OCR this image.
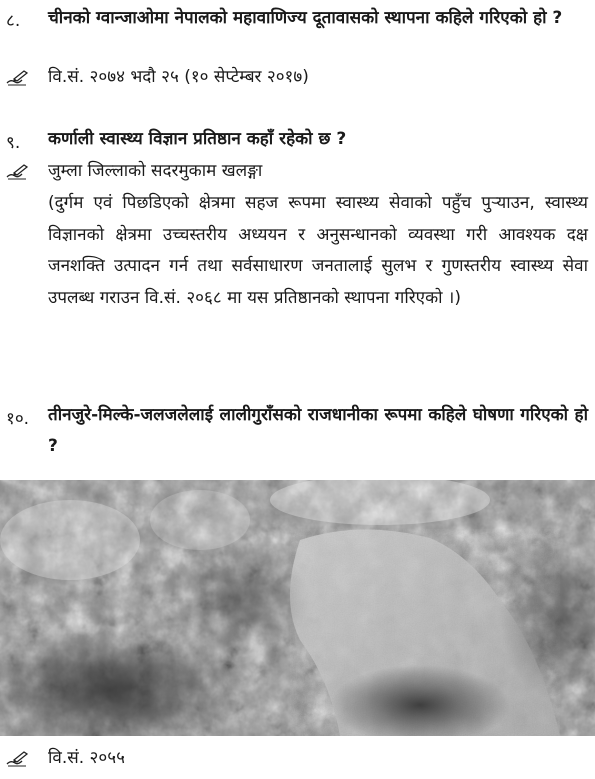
८. चीनको ग्वान्जाओमा नेपालको महावाणिज्य दूतावासको स्थापना कहिले गरिएको हो ?
वि.सं. २०७४ भदौ २५ (१० सेप्टेम्बर २०१७)
९. कर्णाली स्वास्थ्य विज्ञान प्रतिष्ठान कहाँ रहेको छ ?
जुम्ला जिल्लाको सदरमुकाम खलङ्गा
(दुर्गम एवं पिछडिएको क्षेत्रमा सहज रूपमा स्वास्थ्य सेवाको पहुँच पुर्‍याउन, स्वास्थ्य विज्ञानको क्षेत्रमा उच्चस्तरीय अध्ययन र अनुसन्धानको व्यवस्था गरी आवश्यक दक्ष जनशक्ति उत्पादन गर्न तथा सर्वसाधारण जनतालाई सुलभ र गुणस्तरीय स्वास्थ्य सेवा उपलब्ध गराउन वि.सं. २०६८ मा यस प्रतिष्ठानको स्थापना गरिएको ।)
१०. तीनजुरे-मिल्के-जलजलेलाई लालीगुराँसको राजधानीका रूपमा कहिले घोषणा गरिएको हो ?
वि.सं. २०५५
